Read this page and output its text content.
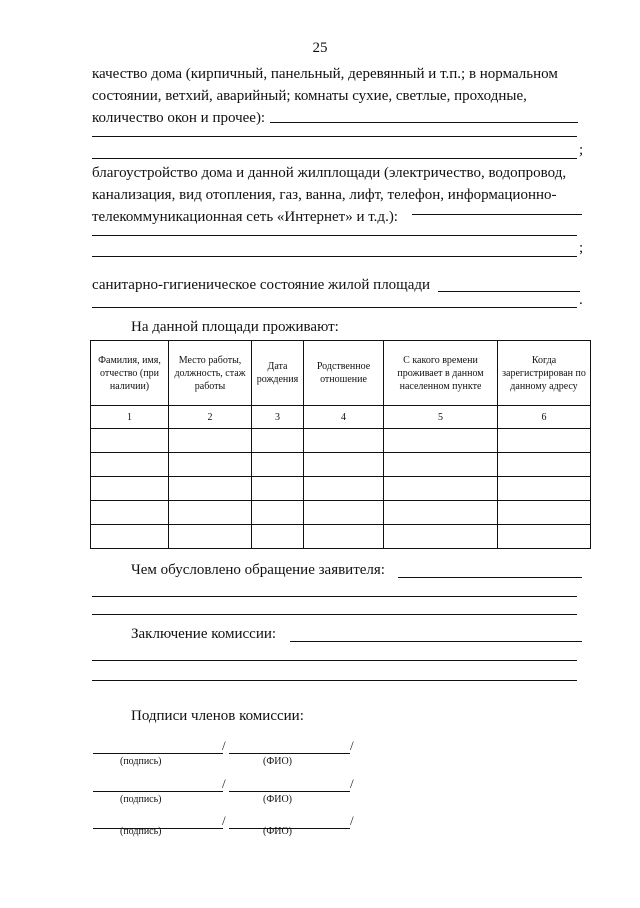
25
качество дома (кирпичный, панельный, деревянный и т.п.; в нормальном
состоянии, ветхий, аварийный; комнаты сухие, светлые, проходные,
количество окон и прочее):
;
благоустройство дома и данной жилплощади (электричество, водопровод,
канализация, вид отопления, газ, ванна, лифт, телефон, информационно-
телекоммуникационная сеть «Интернет» и т.д.):
;
санитарно-гигиеническое состояние жилой площади
.
На данной площади проживают:
Фамилия, имя, отчество (при наличии)	Место работы, должность, стаж работы	Дата рождения	Родственное отношение	С какого времени проживает в данном населенном пункте	Когда зарегистрирован по данному адресу
1	2	3	4	5	6

Чем обусловлено обращение заявителя:
Заключение комиссии:
Подписи членов комиссии:
/	/
(подпись)	(ФИО)
/	/
(подпись)	(ФИО)
/	/
(подпись)	(ФИО)
